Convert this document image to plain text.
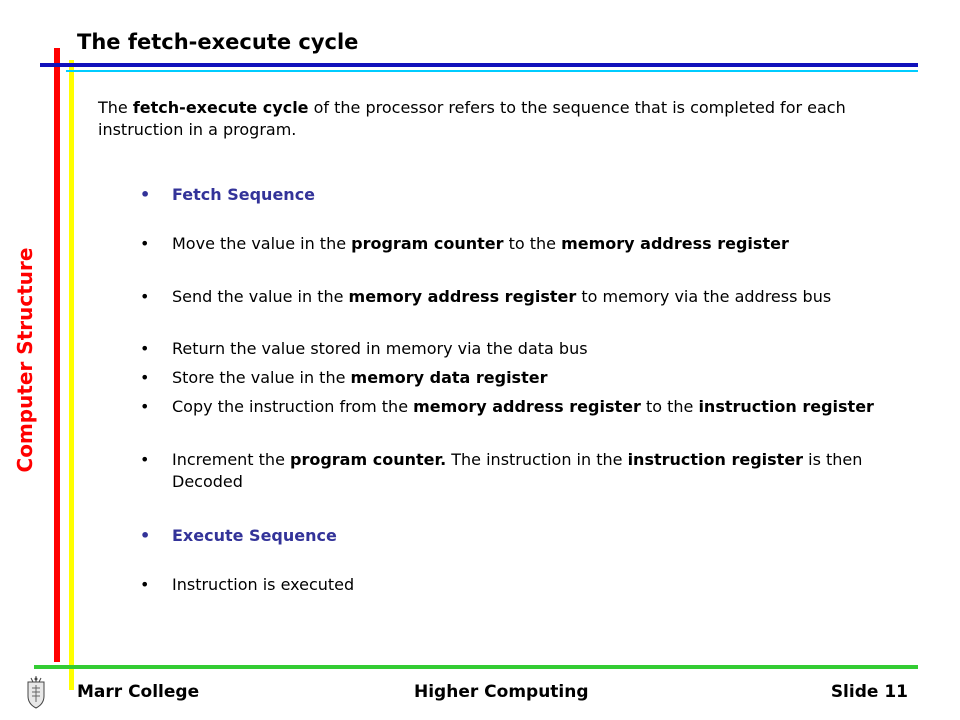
The fetch-execute cycle
Computer Structure
The fetch-execute cycle of the processor refers to the sequence that is completed for each instruction in a program.
•	Fetch Sequence
•	Move the value in the program counter to the memory address register
•	Send the value in the memory address register to memory via the address bus
•	Return the value stored in memory via the data bus
•	Store the value in the memory data register
•	Copy the instruction from the memory address register to the instruction register
•	Increment the program counter. The instruction in the instruction register is then Decoded
•	Execute Sequence
•	Instruction is executed
Marr College	Higher Computing	Slide 11
